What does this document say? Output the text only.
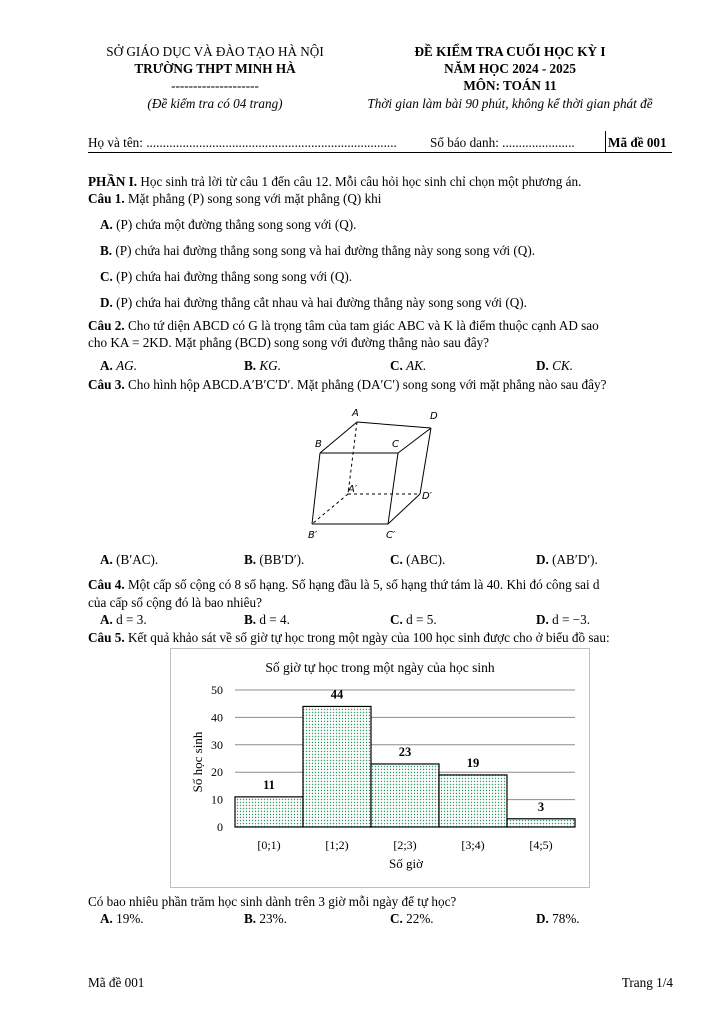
SỞ GIÁO DỤC VÀ ĐÀO TẠO HÀ NỘI
TRƯỜNG THPT MINH HÀ
--------------------
(Đề kiểm tra có 04 trang)
ĐỀ KIỂM TRA CUỐI HỌC KỲ I
NĂM HỌC 2024 - 2025
MÔN: TOÁN 11
Thời gian làm bài 90 phút, không kể thời gian phát đề
Họ và tên: ............................................................................	Số báo danh: ......................	Mã đề 001
PHẦN I. Học sinh trả lời từ câu 1 đến câu 12. Mỗi câu hỏi học sinh chỉ chọn một phương án.
Câu 1. Mặt phẳng (P) song song với mặt phẳng (Q) khi
A. (P) chứa một đường thẳng song song với (Q).
B. (P) chứa hai đường thẳng song song và hai đường thẳng này song song với (Q).
C. (P) chứa hai đường thẳng song song với (Q).
D. (P) chứa hai đường thẳng cắt nhau và hai đường thẳng này song song với (Q).
Câu 2. Cho tứ diện ABCD có G là trọng tâm của tam giác ABC và K là điểm thuộc cạnh AD sao
cho KA = 2KD. Mặt phẳng (BCD) song song với đường thẳng nào sau đây?
A. AG.	B. KG.	C. AK.	D. CK.
Câu 3. Cho hình hộp ABCD.A′B′C′D′. Mặt phẳng (DA′C′) song song với mặt phẳng nào sau đây?
A	D
B	C
A′
D′
B′	C′
A. (B′AC).	B. (BB′D′).	C. (ABC).	D. (AB′D′).
Câu 4. Một cấp số cộng có 8 số hạng. Số hạng đầu là 5, số hạng thứ tám là 40. Khi đó công sai d
của cấp số cộng đó là bao nhiêu?
A. d = 3.	B. d = 4.	C. d = 5.	D. d = −3.
Câu 5. Kết quả khảo sát về số giờ tự học trong một ngày của 100 học sinh được cho ở biểu đồ sau:
Số giờ tự học trong một ngày của học sinh
0
10
20
30
40
50
11
44
23
19
3
[0;1)	[1;2)	[2;3)	[3;4)	[4;5)
Số giờ
Số học sinh
Có bao nhiêu phần trăm học sinh dành trên 3 giờ mỗi ngày để tự học?
A. 19%.	B. 23%.	C. 22%.	D. 78%.
Mã đề 001	Trang 1/4
